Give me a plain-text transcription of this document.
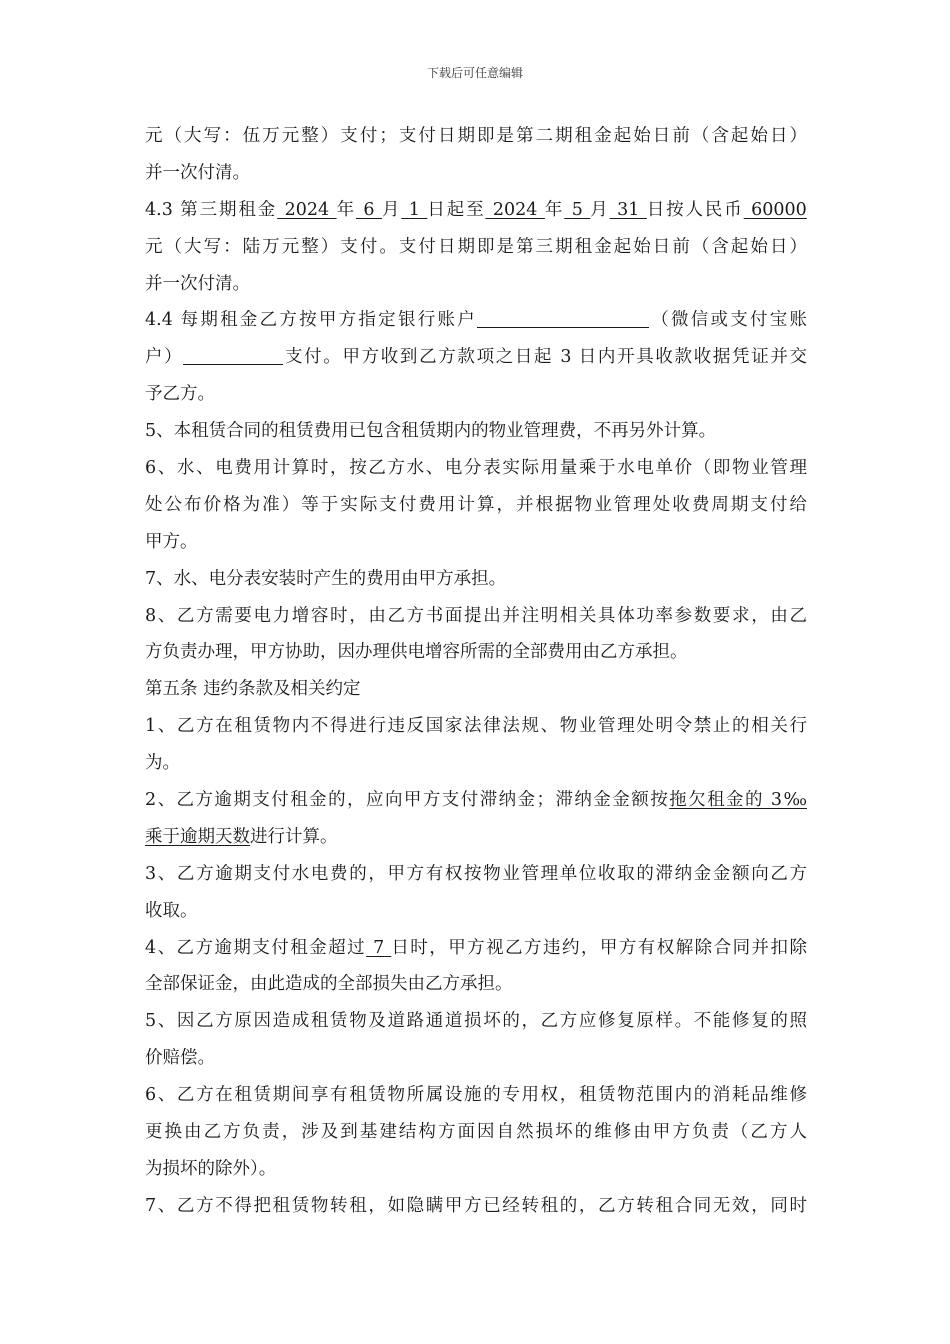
下载后可任意编辑
元（大写：伍万元整）支付；支付日期即是第二期租金起始日前（含起始日）
并一次付清。
4.3 第三期租金 2024 年 6 月 1 日起至 2024 年 5 月 31 日按人民币 60000
元（大写：陆万元整）支付。支付日期即是第三期租金起始日前（含起始日）
并一次付清。
4.4 每期租金乙方按甲方指定银行账户	（微信或支付宝账
户）	支付。甲方收到乙方款项之日起 3 日内开具收款收据凭证并交
予乙方。
5、本租赁合同的租赁费用已包含租赁期内的物业管理费，不再另外计算。
6、水、电费用计算时，按乙方水、电分表实际用量乘于水电单价（即物业管理
处公布价格为准）等于实际支付费用计算，并根据物业管理处收费周期支付给
甲方。
7、水、电分表安装时产生的费用由甲方承担。
8、乙方需要电力增容时，由乙方书面提出并注明相关具体功率参数要求，由乙
方负责办理，甲方协助，因办理供电增容所需的全部费用由乙方承担。
第五条 违约条款及相关约定
1、乙方在租赁物内不得进行违反国家法律法规、物业管理处明令禁止的相关行
为。
2、乙方逾期支付租金的，应向甲方支付滞纳金；滞纳金金额按拖欠租金的 3‰
乘于逾期天数进行计算。
3、乙方逾期支付水电费的，甲方有权按物业管理单位收取的滞纳金金额向乙方
收取。
4、乙方逾期支付租金超过 7 日时，甲方视乙方违约，甲方有权解除合同并扣除
全部保证金，由此造成的全部损失由乙方承担。
5、因乙方原因造成租赁物及道路通道损坏的，乙方应修复原样。不能修复的照
价赔偿。
6、乙方在租赁期间享有租赁物所属设施的专用权，租赁物范围内的消耗品维修
更换由乙方负责，涉及到基建结构方面因自然损坏的维修由甲方负责（乙方人
为损坏的除外）。
7、乙方不得把租赁物转租，如隐瞒甲方已经转租的，乙方转租合同无效，同时
